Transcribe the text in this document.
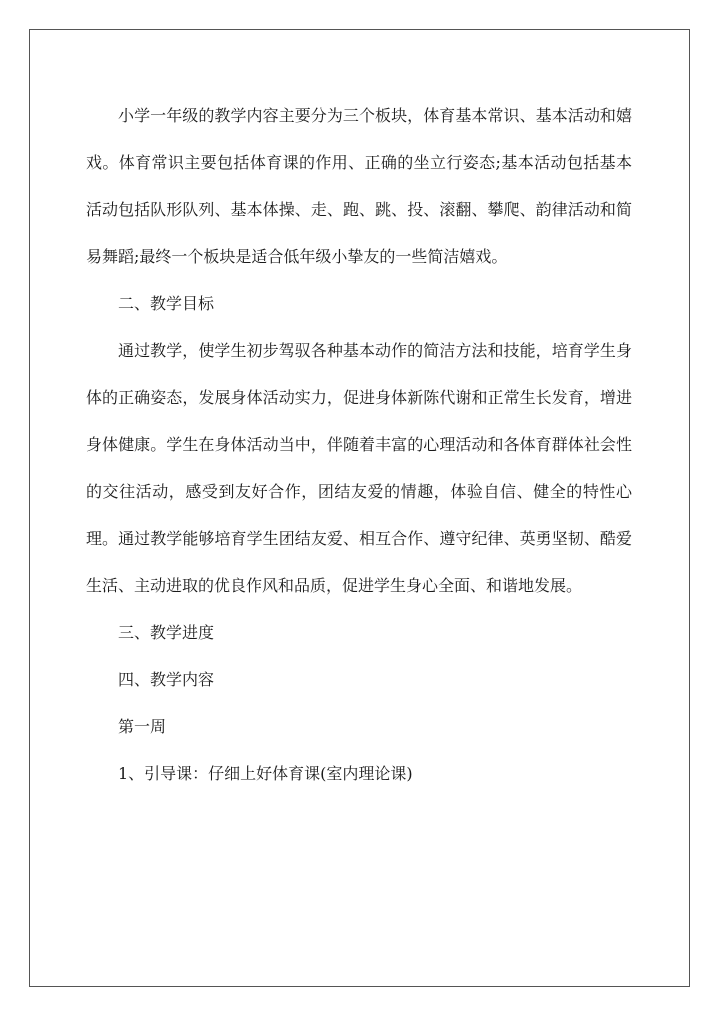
小学一年级的教学内容主要分为三个板块，体育基本常识、基本活动和嬉戏。体育常识主要包括体育课的作用、正确的坐立行姿态;基本活动包括基本活动包括队形队列、基本体操、走、跑、跳、投、滚翻、攀爬、韵律活动和简易舞蹈;最终一个板块是适合低年级小挚友的一些简洁嬉戏。

二、教学目标

通过教学，使学生初步驾驭各种基本动作的简洁方法和技能，培育学生身体的正确姿态，发展身体活动实力，促进身体新陈代谢和正常生长发育，增进身体健康。学生在身体活动当中，伴随着丰富的心理活动和各体育群体社会性的交往活动，感受到友好合作，团结友爱的情趣，体验自信、健全的特性心理。通过教学能够培育学生团结友爱、相互合作、遵守纪律、英勇坚韧、酷爱生活、主动进取的优良作风和品质，促进学生身心全面、和谐地发展。

三、教学进度

四、教学内容

第一周

1、引导课：仔细上好体育课(室内理论课)
